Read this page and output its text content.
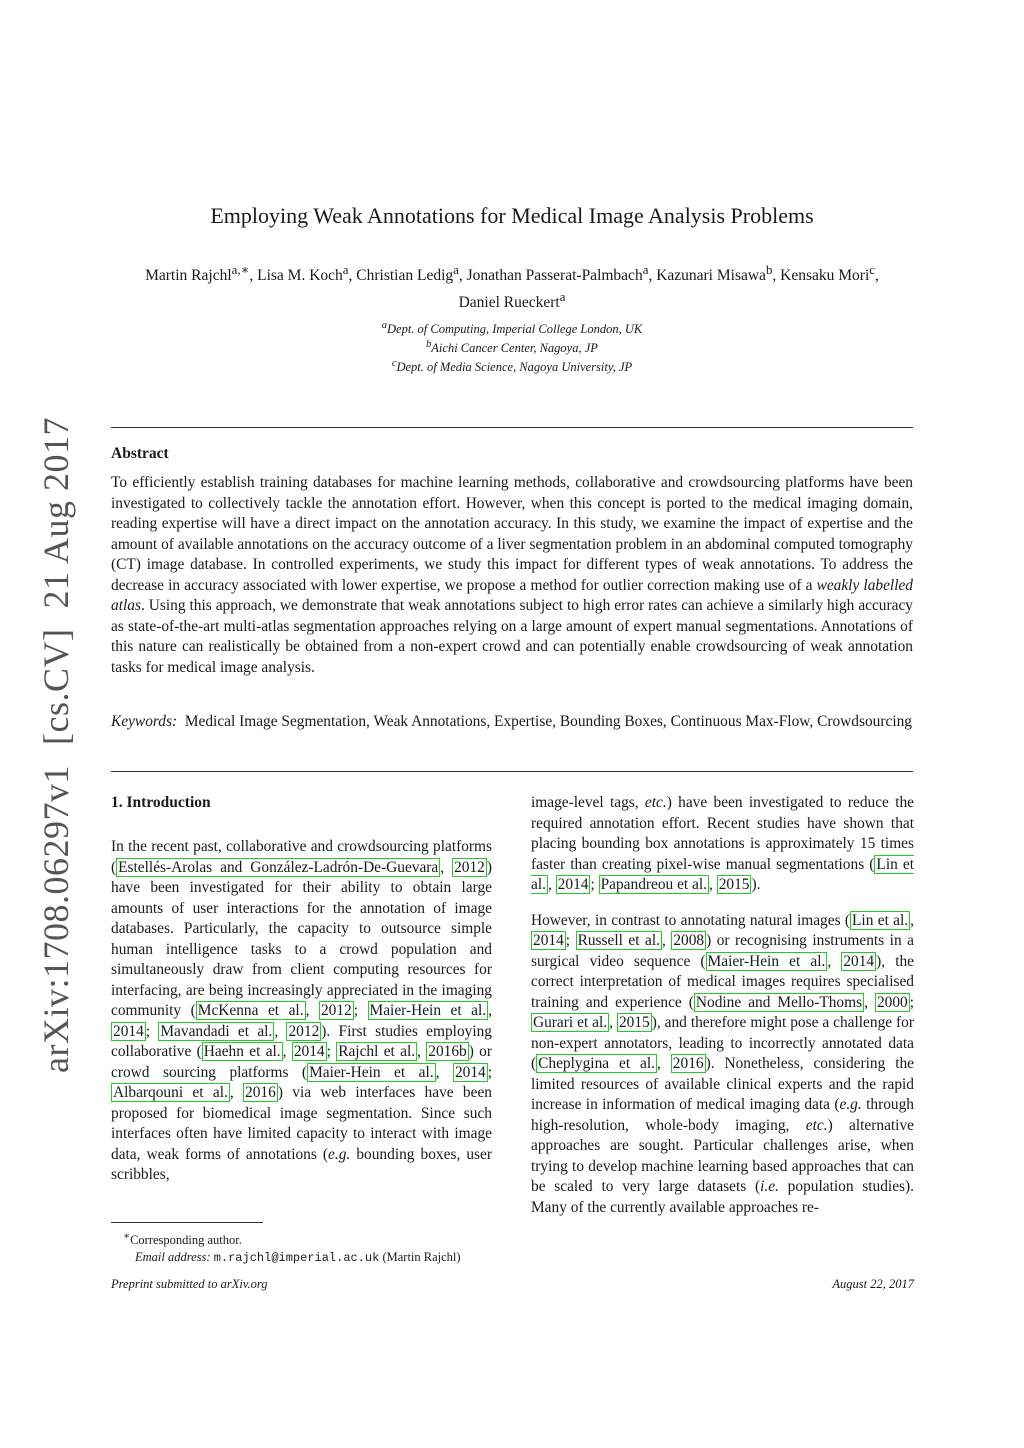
arXiv:1708.06297v1[cs.CV]21 Aug 2017
Employing Weak Annotations for Medical Image Analysis Problems
Martin Rajchl$^{a,∗}$, Lisa M. Koch$^a$, Christian Ledig$^a$, Jonathan Passerat-Palmbach$^a$, Kazunari Misawa$^b$, Kensaku Mori$^c$,
Daniel Rueckert$^a$
$^a$Dept. of Computing, Imperial College London, UK
$^b$Aichi Cancer Center, Nagoya, JP
$^c$Dept. of Media Science, Nagoya University, JP
Abstract
To efficiently establish training databases for machine learning methods, collaborative and crowdsourcing platforms have been investigated to collectively tackle the annotation effort. However, when this concept is ported to the medical imaging domain, reading expertise will have a direct impact on the annotation accuracy. In this study, we examine the impact of expertise and the amount of available annotations on the accuracy outcome of a liver segmentation problem in an abdominal computed tomography (CT) image database. In controlled experiments, we study this impact for different types of weak annotations. To address the decrease in accuracy associated with lower expertise, we propose a method for outlier correction making use of a weakly labelled atlas. Using this approach, we demonstrate that weak annotations subject to high error rates can achieve a similarly high accuracy as state-of-the-art multi-atlas segmentation approaches relying on a large amount of expert manual segmentations. Annotations of this nature can realistically be obtained from a non-expert crowd and can potentially enable crowdsourcing of weak annotation tasks for medical image analysis.
Keywords: Medical Image Segmentation, Weak Annotations, Expertise, Bounding Boxes, Continuous Max-Flow, Crowdsourcing
1. Introduction

In the recent past, collaborative and crowdsourcing platforms ( Estellés-Arolas and González-Ladrón-De-Guevara , 2012 ) have been investigated for their ability to obtain large amounts of user interactions for the annotation of image databases. Particularly, the capacity to outsource simple human intelligence tasks to a crowd population and simultaneously draw from client computing resources for interfacing, are being increasingly appreciated in the imaging community ( McKenna et al. , 2012 ; Maier-Hein et al. , 2014 ; Mavandadi et al. , 2012 ). First studies employing collaborative ( Haehn et al. , 2014 ; Rajchl et al. , 2016b ) or crowd sourcing platforms ( Maier-Hein et al. , 2014 ; Albarqouni et al. , 2016 ) via web interfaces have been proposed for biomedical image segmentation. Since such interfaces often have limited capacity to interact with image data, weak forms of annotations (e.g. bounding boxes, user scribbles,

image-level tags, etc.) have been investigated to reduce the required annotation effort. Recent studies have shown that placing bounding box annotations is approximately 15 times faster than creating pixel-wise manual segmentations ( Lin et al. , 2014 ; Papandreou et al. , 2015 ).

However, in contrast to annotating natural images ( Lin et al. , 2014 ; Russell et al. , 2008 ) or recognising instruments in a surgical video sequence ( Maier-Hein et al. , 2014 ), the correct interpretation of medical images requires specialised training and experience ( Nodine and Mello-Thoms , 2000 ; Gurari et al. , 2015 ), and therefore might pose a challenge for non-expert annotators, leading to incorrectly annotated data ( Cheplygina et al. , 2016 ). Nonetheless, considering the limited resources of available clinical experts and the rapid increase in information of medical imaging data (e.g. through high-resolution, whole-body imaging, etc.) alternative approaches are sought. Particular challenges arise, when trying to develop machine learning based approaches that can be scaled to very large datasets (i.e. population studies). Many of the currently available approaches re-

∗Corresponding author.
Email address: m.rajchl@imperial.ac.uk (Martin Rajchl)
Preprint submitted to arXiv.org	August 22, 2017
